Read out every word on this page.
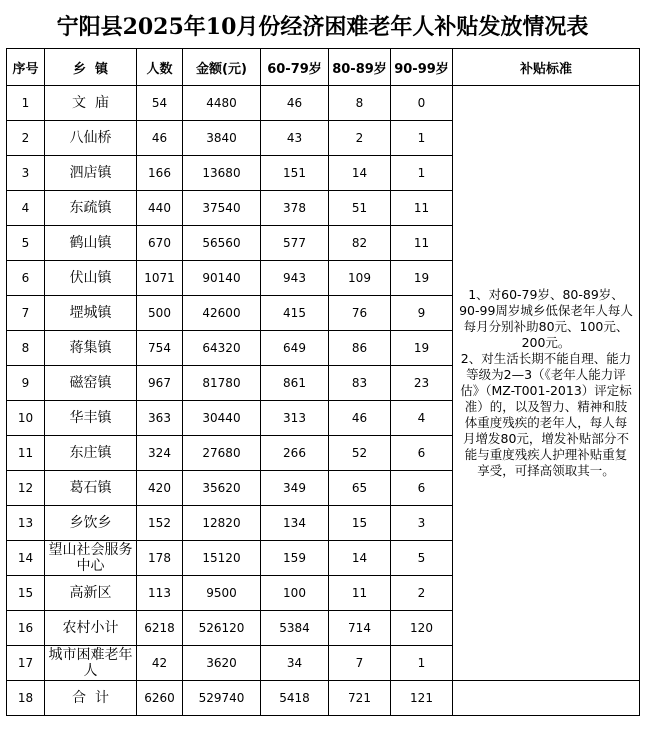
宁阳县2025年10月份经济困难老年人补贴发放情况表
序号	乡  镇	人数	金额(元)	60-79岁	80-89岁	90-99岁	补贴标准
1	文  庙	54	4480	46	8	0	1、对60-79岁、80-89岁、90-99周岁城乡低保老年人每人每月分别补助80元、100元、200元。

2、对生活长期不能自理、能力等级为2—3（《老年人能力评估》（MZ-T001-2013）评定标准）的，以及智力、精神和肢体重度残疾的老年人，每人每月增发80元，增发补贴部分不能与重度残疾人护理补贴重复享受，可择高领取其一。

2	八仙桥	46	3840	43	2	1	
3	泗店镇	166	13680	151	14	1	
4	东疏镇	440	37540	378	51	11	
5	鹤山镇	670	56560	577	82	11	
6	伏山镇	1071	90140	943	109	19	
7	堽城镇	500	42600	415	76	9	
8	蒋集镇	754	64320	649	86	19	
9	磁窑镇	967	81780	861	83	23	
10	华丰镇	363	30440	313	46	4	
11	东庄镇	324	27680	266	52	6	
12	葛石镇	420	35620	349	65	6	
13	乡饮乡	152	12820	134	15	3	
14	望山社会服务中心	178	15120	159	14	5	
15	高新区	113	9500	100	11	2	
16	农村小计	6218	526120	5384	714	120	
17	城市困难老年人	42	3620	34	7	1	
18	合  计	6260	529740	5418	721	121	
